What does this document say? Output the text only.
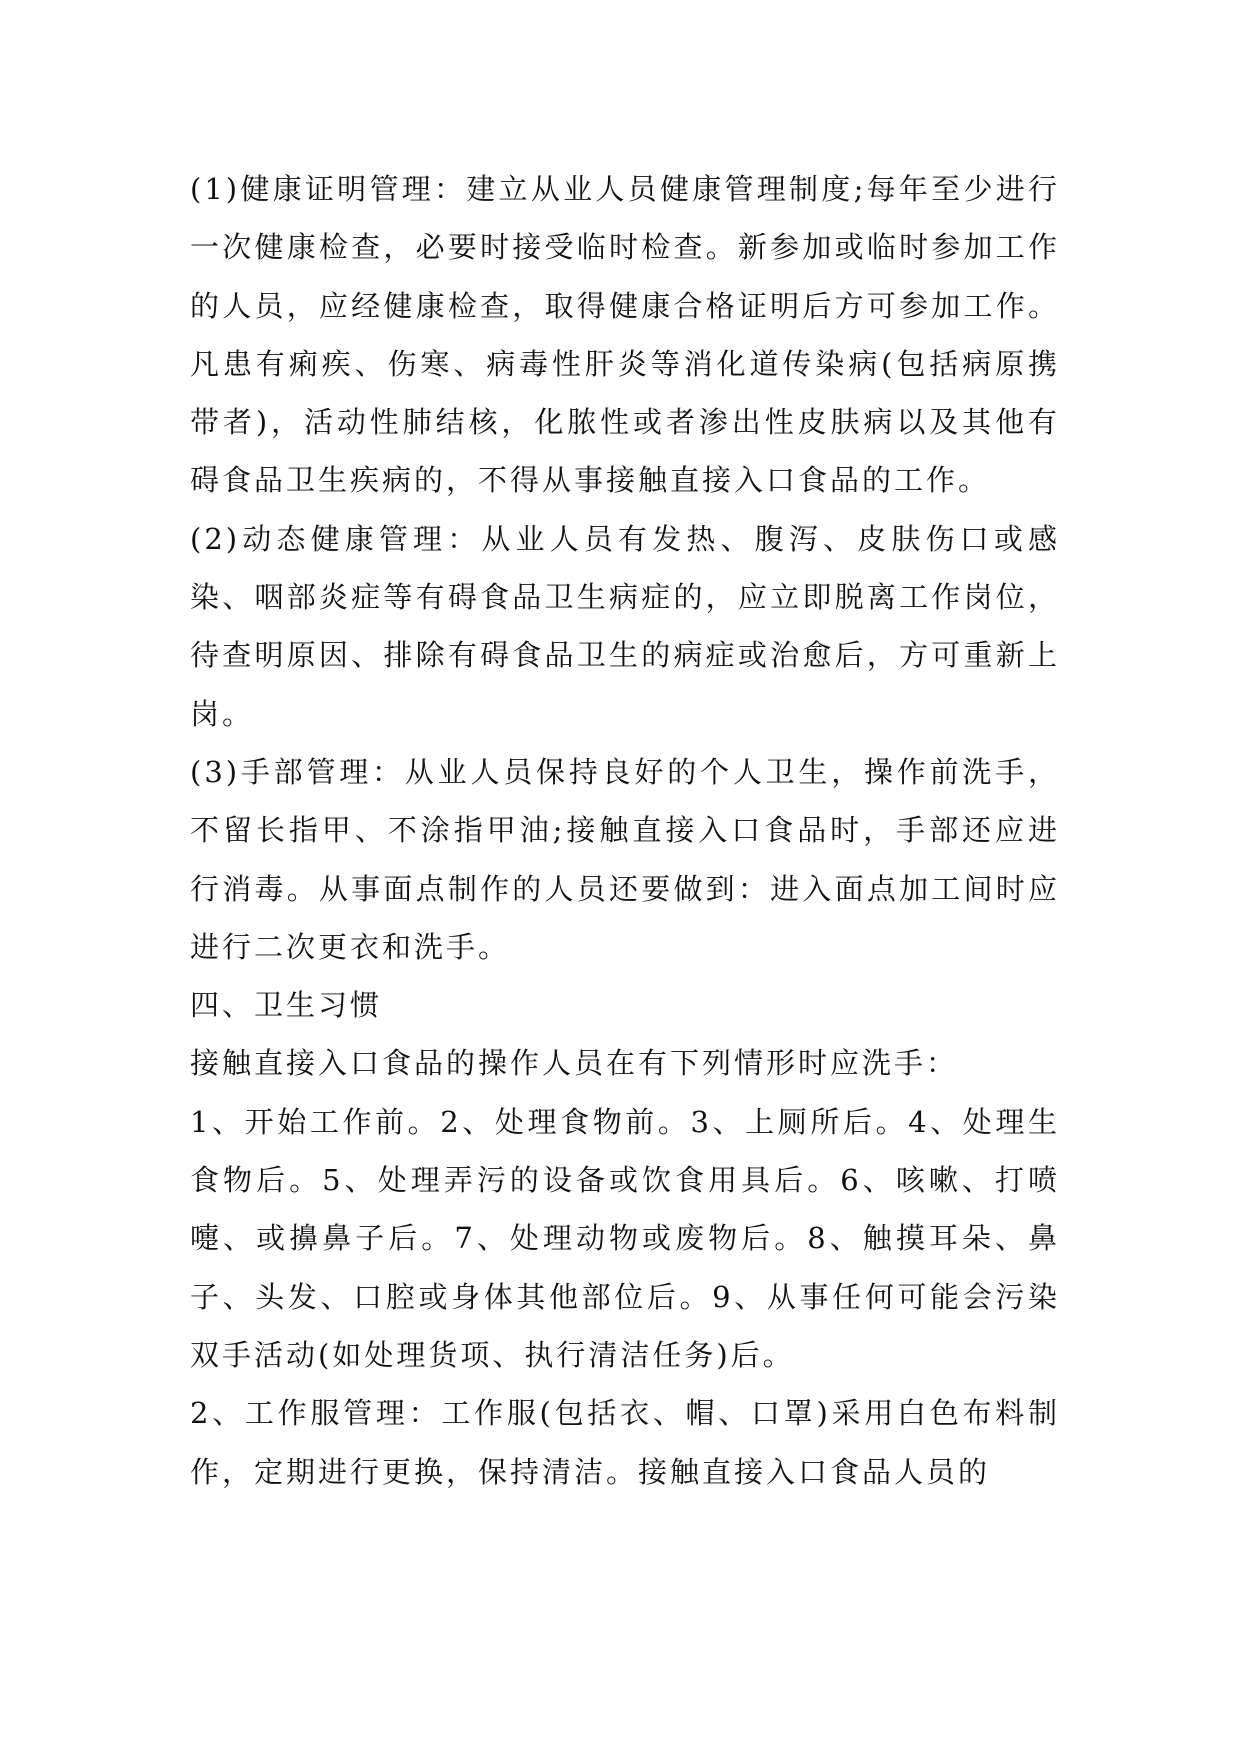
(1)健康证明管理：建立从业人员健康管理制度;每年至少进行一次健康检查，必要时接受临时检查。新参加或临时参加工作的人员，应经健康检查，取得健康合格证明后方可参加工作。凡患有痢疾、伤寒、病毒性肝炎等消化道传染病(包括病原携带者)，活动性肺结核，化脓性或者渗出性皮肤病以及其他有碍食品卫生疾病的，不得从事接触直接入口食品的工作。

(2)动态健康管理：从业人员有发热、腹泻、皮肤伤口或感染、咽部炎症等有碍食品卫生病症的，应立即脱离工作岗位，待查明原因、排除有碍食品卫生的病症或治愈后，方可重新上岗。

(3)手部管理：从业人员保持良好的个人卫生，操作前洗手，不留长指甲、不涂指甲油;接触直接入口食品时，手部还应进行消毒。从事面点制作的人员还要做到：进入面点加工间时应进行二次更衣和洗手。

四、卫生习惯

接触直接入口食品的操作人员在有下列情形时应洗手：

1、开始工作前。2、处理食物前。3、上厕所后。4、处理生食物后。5、处理弄污的设备或饮食用具后。6、咳嗽、打喷嚏、或擤鼻子后。7、处理动物或废物后。8、触摸耳朵、鼻子、头发、口腔或身体其他部位后。9、从事任何可能会污染双手活动(如处理货项、执行清洁任务)后。

2、工作服管理：工作服(包括衣、帽、口罩)采用白色布料制作，定期进行更换，保持清洁。接触直接入口食品人员的
